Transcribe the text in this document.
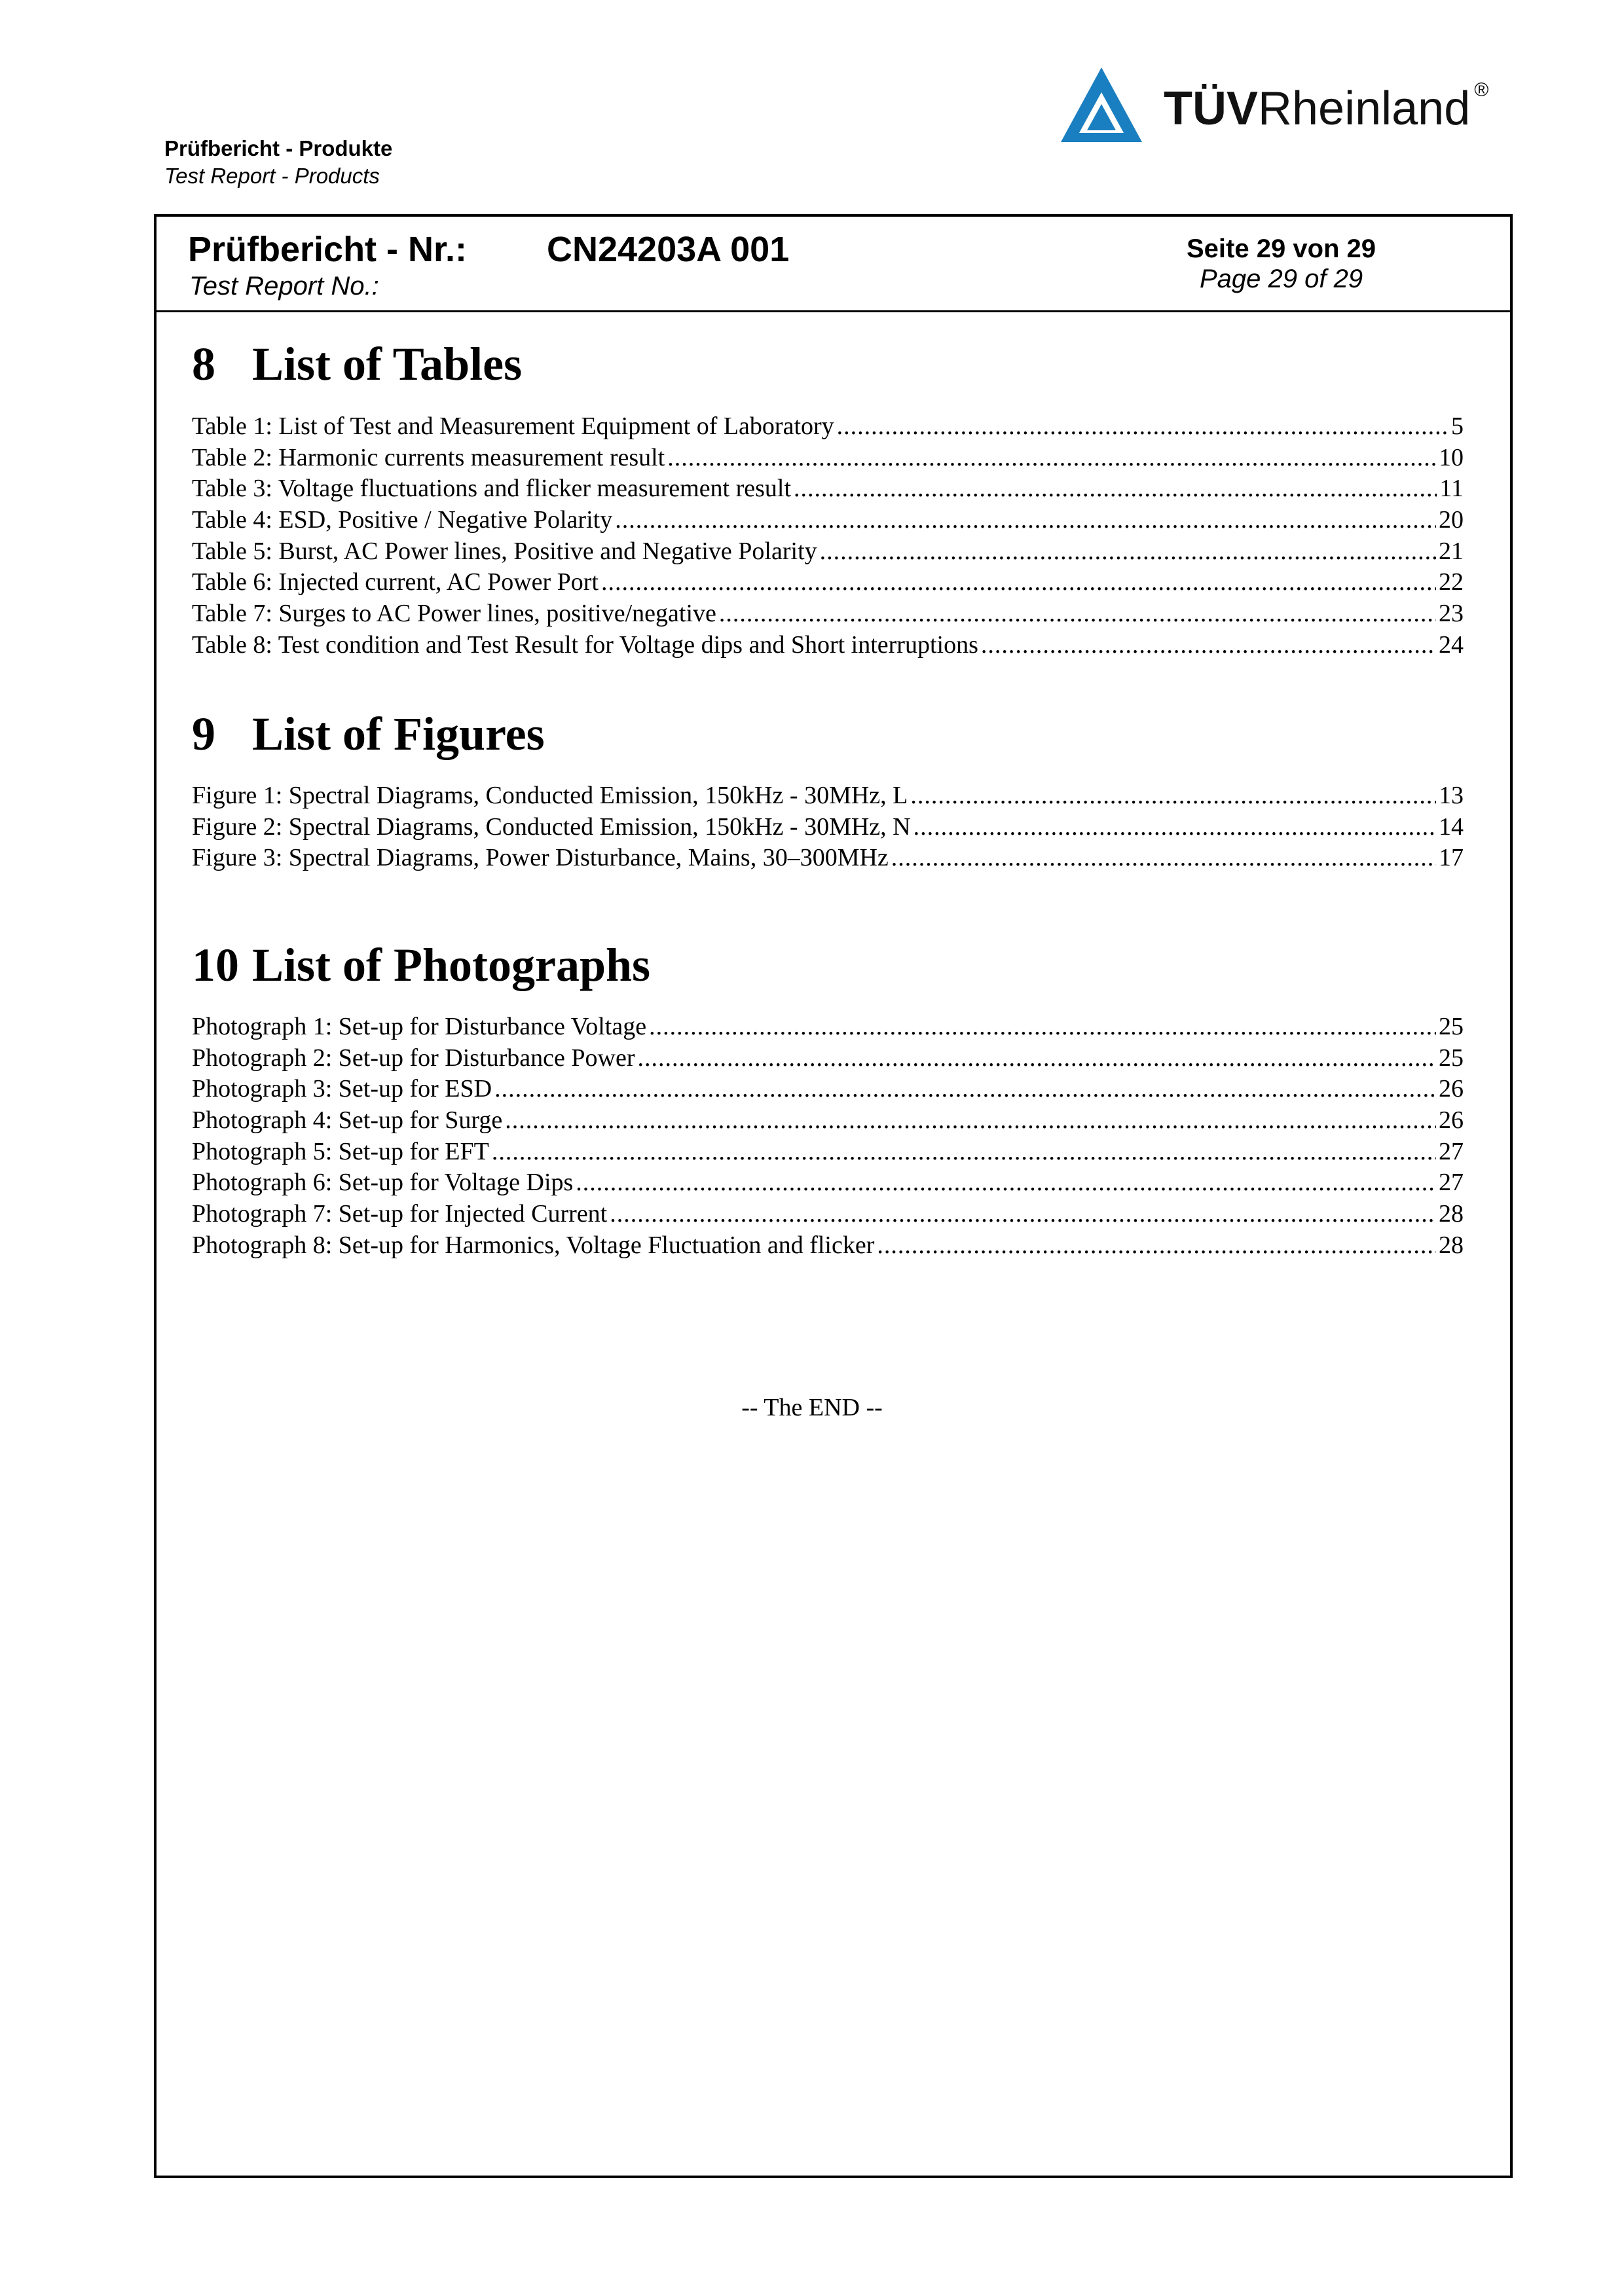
Prüfbericht - Produkte
Test Report - Products
TÜVRheinland ®
Prüfbericht - Nr.: CN24203A 001
Test Report No.:
Seite 29 von 29
Page 29 of 29
8 List of Tables
Table 1: List of Test and Measurement Equipment of Laboratory .....	5
Table 2: Harmonic currents measurement result .....	10
Table 3: Voltage fluctuations and flicker measurement result .....	11
Table 4: ESD, Positive / Negative Polarity .....	20
Table 5: Burst, AC Power lines, Positive and Negative Polarity .....	21
Table 6: Injected current, AC Power Port .....	22
Table 7: Surges to AC Power lines, positive/negative .....	23
Table 8: Test condition and Test Result for Voltage dips and Short interruptions .....	24
9 List of Figures
Figure 1: Spectral Diagrams, Conducted Emission, 150kHz - 30MHz, L .....	13
Figure 2: Spectral Diagrams, Conducted Emission, 150kHz - 30MHz, N .....	14
Figure 3: Spectral Diagrams, Power Disturbance, Mains, 30–300MHz .....	17
10 List of Photographs
Photograph 1: Set-up for Disturbance Voltage .....	25
Photograph 2: Set-up for Disturbance Power .....	25
Photograph 3: Set-up for ESD .....	26
Photograph 4: Set-up for Surge .....	26
Photograph 5: Set-up for EFT .....	27
Photograph 6: Set-up for Voltage Dips .....	27
Photograph 7: Set-up for Injected Current .....	28
Photograph 8: Set-up for Harmonics, Voltage Fluctuation and flicker .....	28
-- The END --
